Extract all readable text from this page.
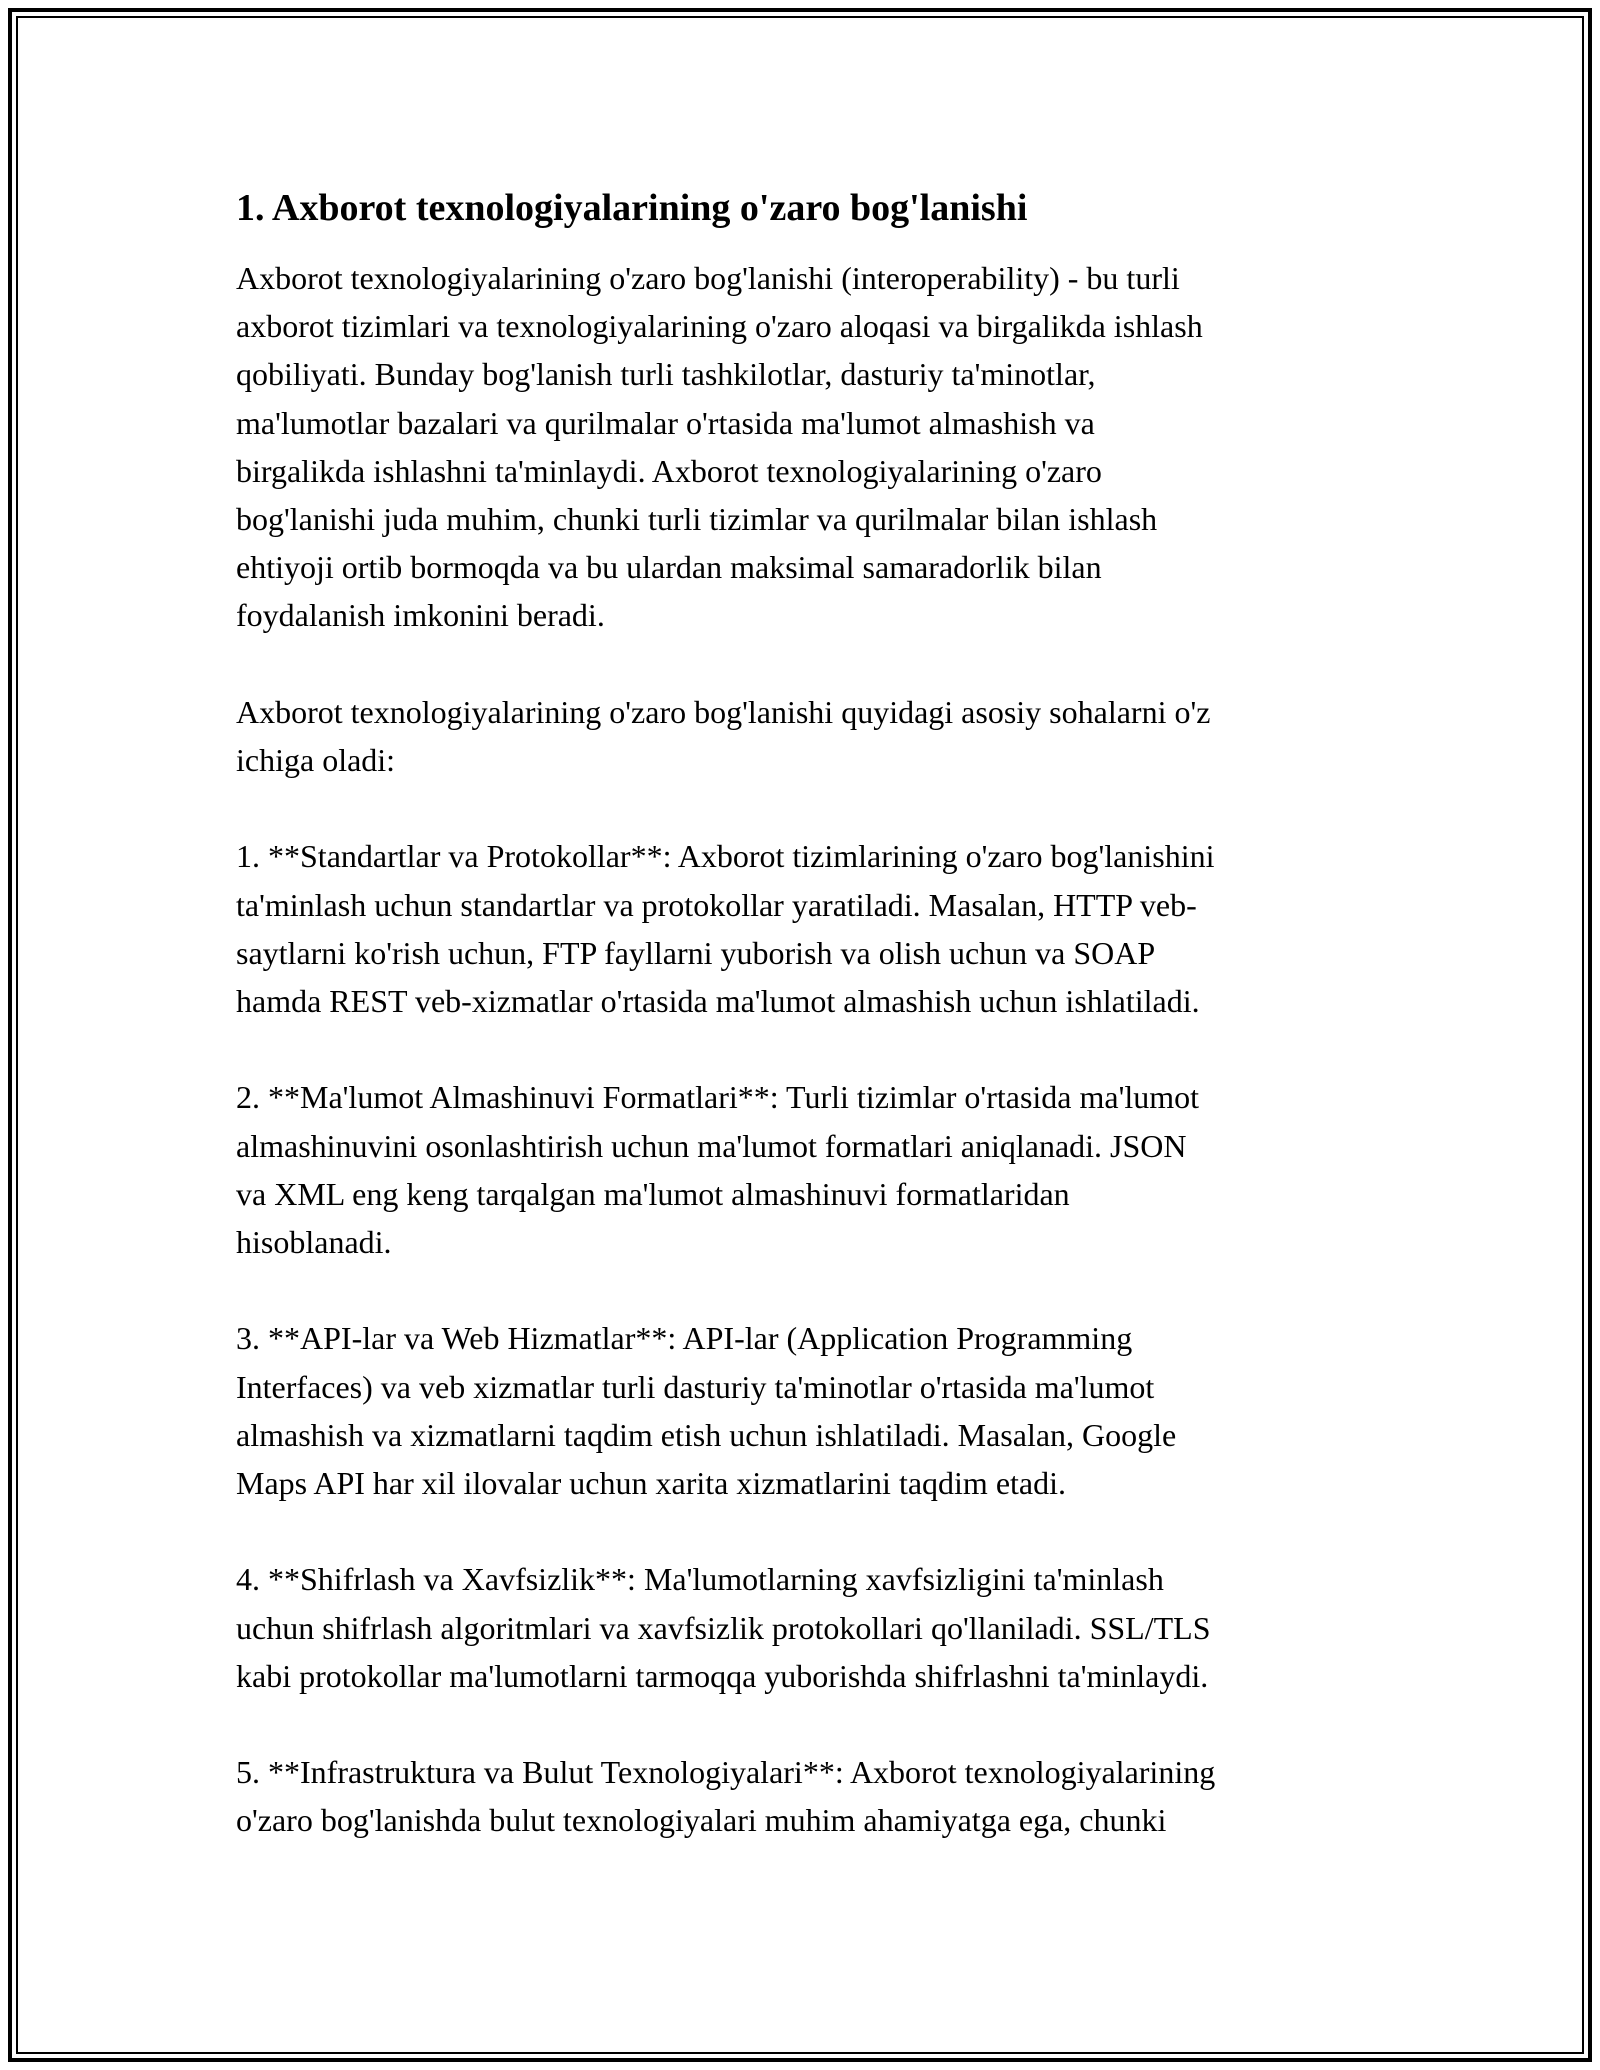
1. Axborot texnologiyalarining o'zaro bog'lanishi
Axborot texnologiyalarining o'zaro bog'lanishi (interoperability) - bu turli
axborot tizimlari va texnologiyalarining o'zaro aloqasi va birgalikda ishlash
qobiliyati. Bunday bog'lanish turli tashkilotlar, dasturiy ta'minotlar,
ma'lumotlar bazalari va qurilmalar o'rtasida ma'lumot almashish va
birgalikda ishlashni ta'minlaydi. Axborot texnologiyalarining o'zaro
bog'lanishi juda muhim, chunki turli tizimlar va qurilmalar bilan ishlash
ehtiyoji ortib bormoqda va bu ulardan maksimal samaradorlik bilan
foydalanish imkonini beradi.
Axborot texnologiyalarining o'zaro bog'lanishi quyidagi asosiy sohalarni o'z
ichiga oladi:
1. **Standartlar va Protokollar**: Axborot tizimlarining o'zaro bog'lanishini
ta'minlash uchun standartlar va protokollar yaratiladi. Masalan, HTTP veb-
saytlarni ko'rish uchun, FTP fayllarni yuborish va olish uchun va SOAP
hamda REST veb-xizmatlar o'rtasida ma'lumot almashish uchun ishlatiladi.
2. **Ma'lumot Almashinuvi Formatlari**: Turli tizimlar o'rtasida ma'lumot
almashinuvini osonlashtirish uchun ma'lumot formatlari aniqlanadi. JSON
va XML eng keng tarqalgan ma'lumot almashinuvi formatlaridan
hisoblanadi.
3. **API-lar va Web Hizmatlar**: API-lar (Application Programming
Interfaces) va veb xizmatlar turli dasturiy ta'minotlar o'rtasida ma'lumot
almashish va xizmatlarni taqdim etish uchun ishlatiladi. Masalan, Google
Maps API har xil ilovalar uchun xarita xizmatlarini taqdim etadi.
4. **Shifrlash va Xavfsizlik**: Ma'lumotlarning xavfsizligini ta'minlash
uchun shifrlash algoritmlari va xavfsizlik protokollari qo'llaniladi. SSL/TLS
kabi protokollar ma'lumotlarni tarmoqqa yuborishda shifrlashni ta'minlaydi.
5. **Infrastruktura va Bulut Texnologiyalari**: Axborot texnologiyalarining
o'zaro bog'lanishda bulut texnologiyalari muhim ahamiyatga ega, chunki
